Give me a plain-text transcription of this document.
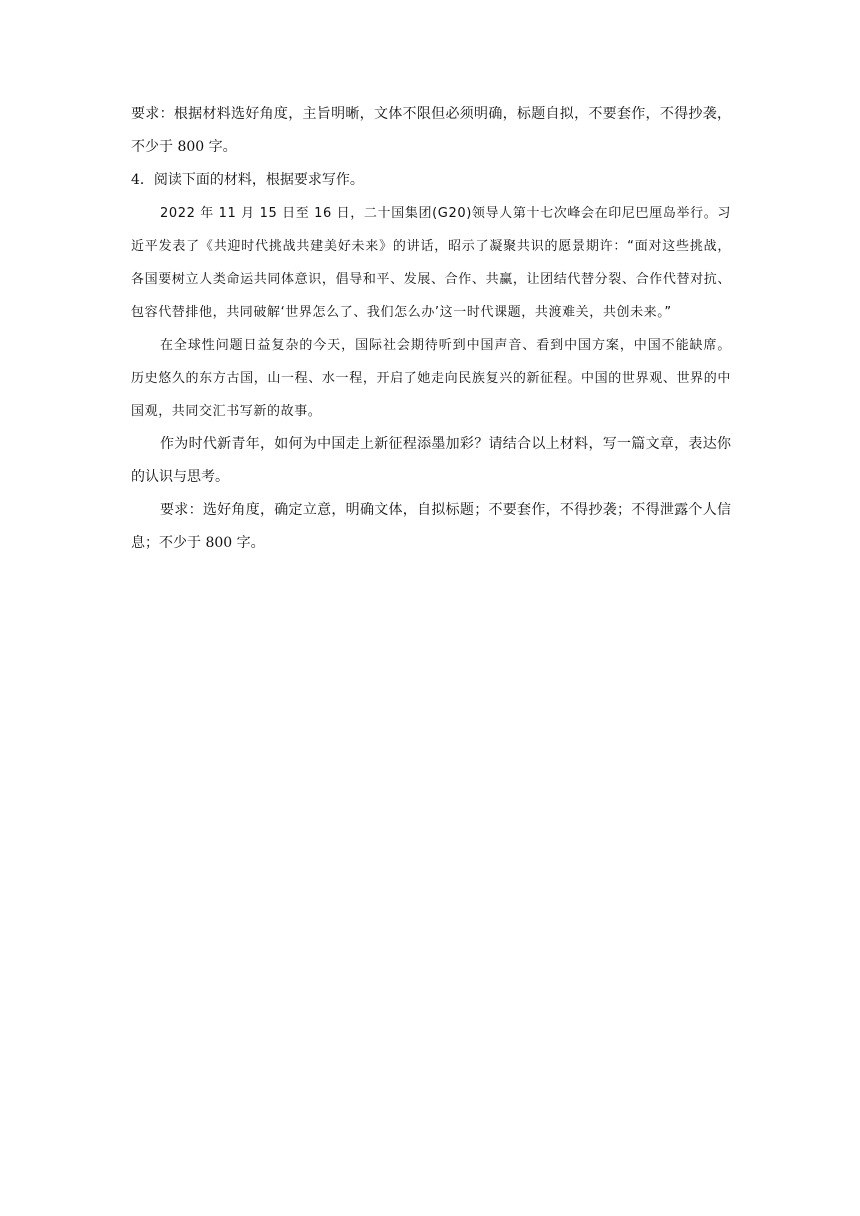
要求：根据材料选好角度，主旨明晰，文体不限但必须明确，标题自拟，不要套作，不得抄袭，不少于 800 字。

4．阅读下面的材料，根据要求写作。

2022 年 11 月 15 日至 16 日，二十国集团(G20)领导人第十七次峰会在印尼巴厘岛举行。习近平发表了《共迎时代挑战共建美好未来》的讲话，昭示了凝聚共识的愿景期许：“面对这些挑战，各国要树立人类命运共同体意识，倡导和平、发展、合作、共赢，让团结代替分裂、合作代替对抗、包容代替排他，共同破解‘世界怎么了、我们怎么办’这一时代课题，共渡难关，共创未来。”

在全球性问题日益复杂的今天，国际社会期待听到中国声音、看到中国方案，中国不能缺席。历史悠久的东方古国，山一程、水一程，开启了她走向民族复兴的新征程。中国的世界观、世界的中国观，共同交汇书写新的故事。

作为时代新青年，如何为中国走上新征程添墨加彩？请结合以上材料，写一篇文章，表达你的认识与思考。

要求：选好角度，确定立意，明确文体，自拟标题；不要套作，不得抄袭；不得泄露个人信息；不少于 800 字。
